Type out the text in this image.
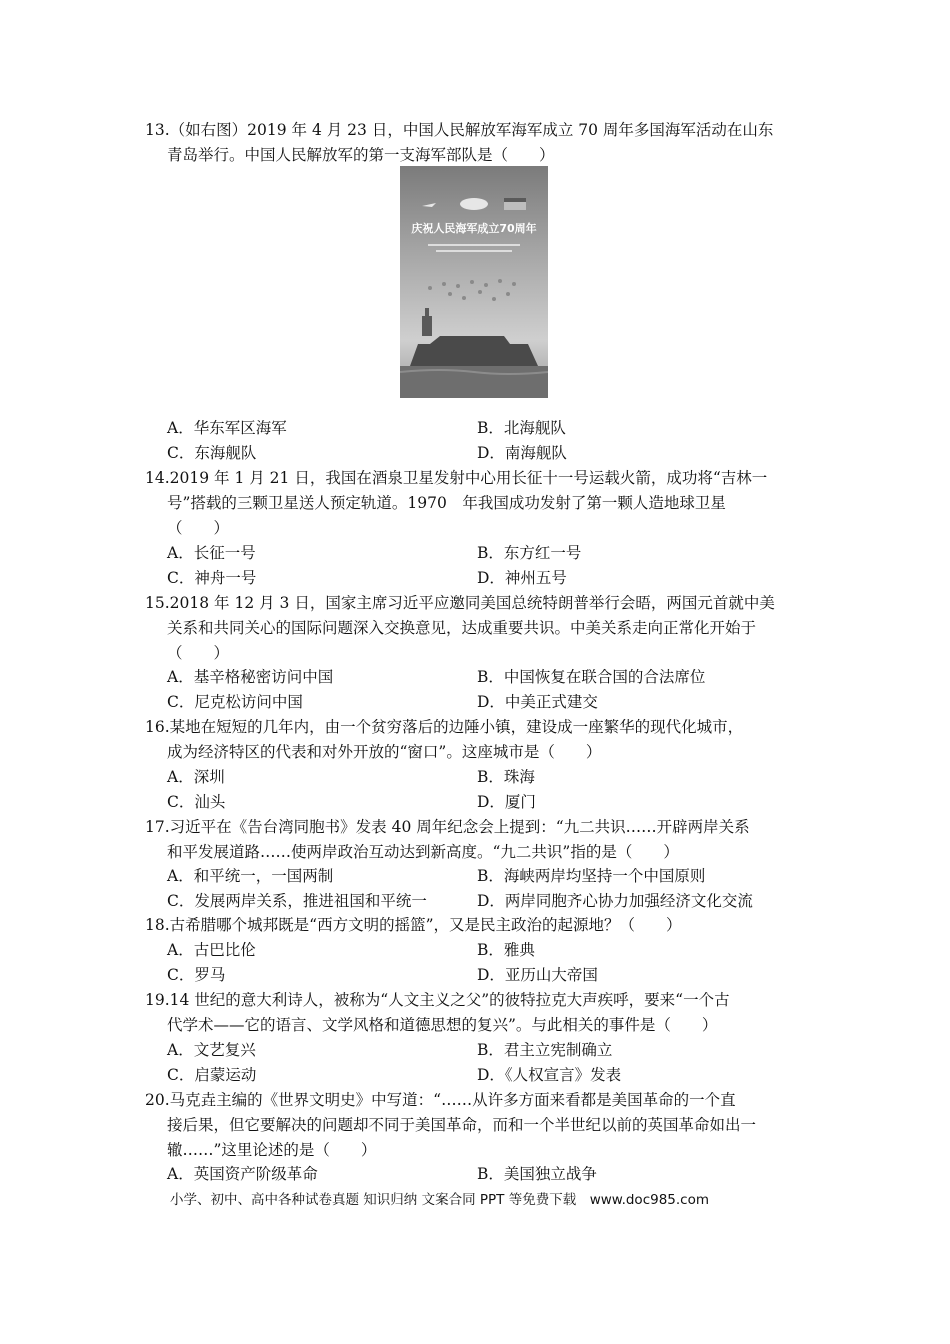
13.（如右图）2019 年 4 月 23 日，中国人民解放军海军成立 70 周年多国海军活动在山东
青岛举行。中国人民解放军的第一支海军部队是（　　）
庆祝人民海军成立70周年
A．华东军区海军	B．北海舰队
C．东海舰队	D．南海舰队
14.2019 年 1 月 21 日，我国在酒泉卫星发射中心用长征十一号运载火箭，成功将“吉林一
号”搭载的三颗卫星送人预定轨道。1970　年我国成功发射了第一颗人造地球卫星
（　　）
A．长征一号	B．东方红一号
C．神舟一号	D．神州五号
15.2018 年 12 月 3 日，国家主席习近平应邀同美国总统特朗普举行会晤，两国元首就中美
关系和共同关心的国际问题深入交换意见，达成重要共识。中美关系走向正常化开始于
（　　）
A．基辛格秘密访问中国	B．中国恢复在联合国的合法席位
C．尼克松访问中国	D．中美正式建交
16.某地在短短的几年内，由一个贫穷落后的边陲小镇，建设成一座繁华的现代化城市，
成为经济特区的代表和对外开放的“窗口”。这座城市是（　　）
A．深圳	B．珠海
C．汕头	D．厦门
17.习近平在《告台湾同胞书》发表 40 周年纪念会上提到：“九二共识……开辟两岸关系
和平发展道路……使两岸政治互动达到新高度。“九二共识”指的是（　　）
A．和平统一，一国两制	B．海峡两岸均坚持一个中国原则
C．发展两岸关系，推进祖国和平统一	D．两岸同胞齐心协力加强经济文化交流
18.古希腊哪个城邦既是“西方文明的摇篮”，又是民主政治的起源地？（　　）
A．古巴比伦	B．雅典
C．罗马	D．亚历山大帝国
19.14 世纪的意大利诗人，被称为“人文主义之父”的彼特拉克大声疾呼，要来“一个古
代学术——它的语言、文学风格和道德思想的复兴”。与此相关的事件是（　　）
A．文艺复兴	B．君主立宪制确立
C．启蒙运动	D．《人权宣言》发表
20.马克垚主编的《世界文明史》中写道：“……从许多方面来看都是美国革命的一个直
接后果，但它要解决的问题却不同于美国革命，而和一个半世纪以前的英国革命如出一
辙……”这里论述的是（　　）
A．英国资产阶级革命	B．美国独立战争
小学、初中、高中各种试卷真题 知识归纳 文案合同 PPT 等免费下载　www.doc985.com
